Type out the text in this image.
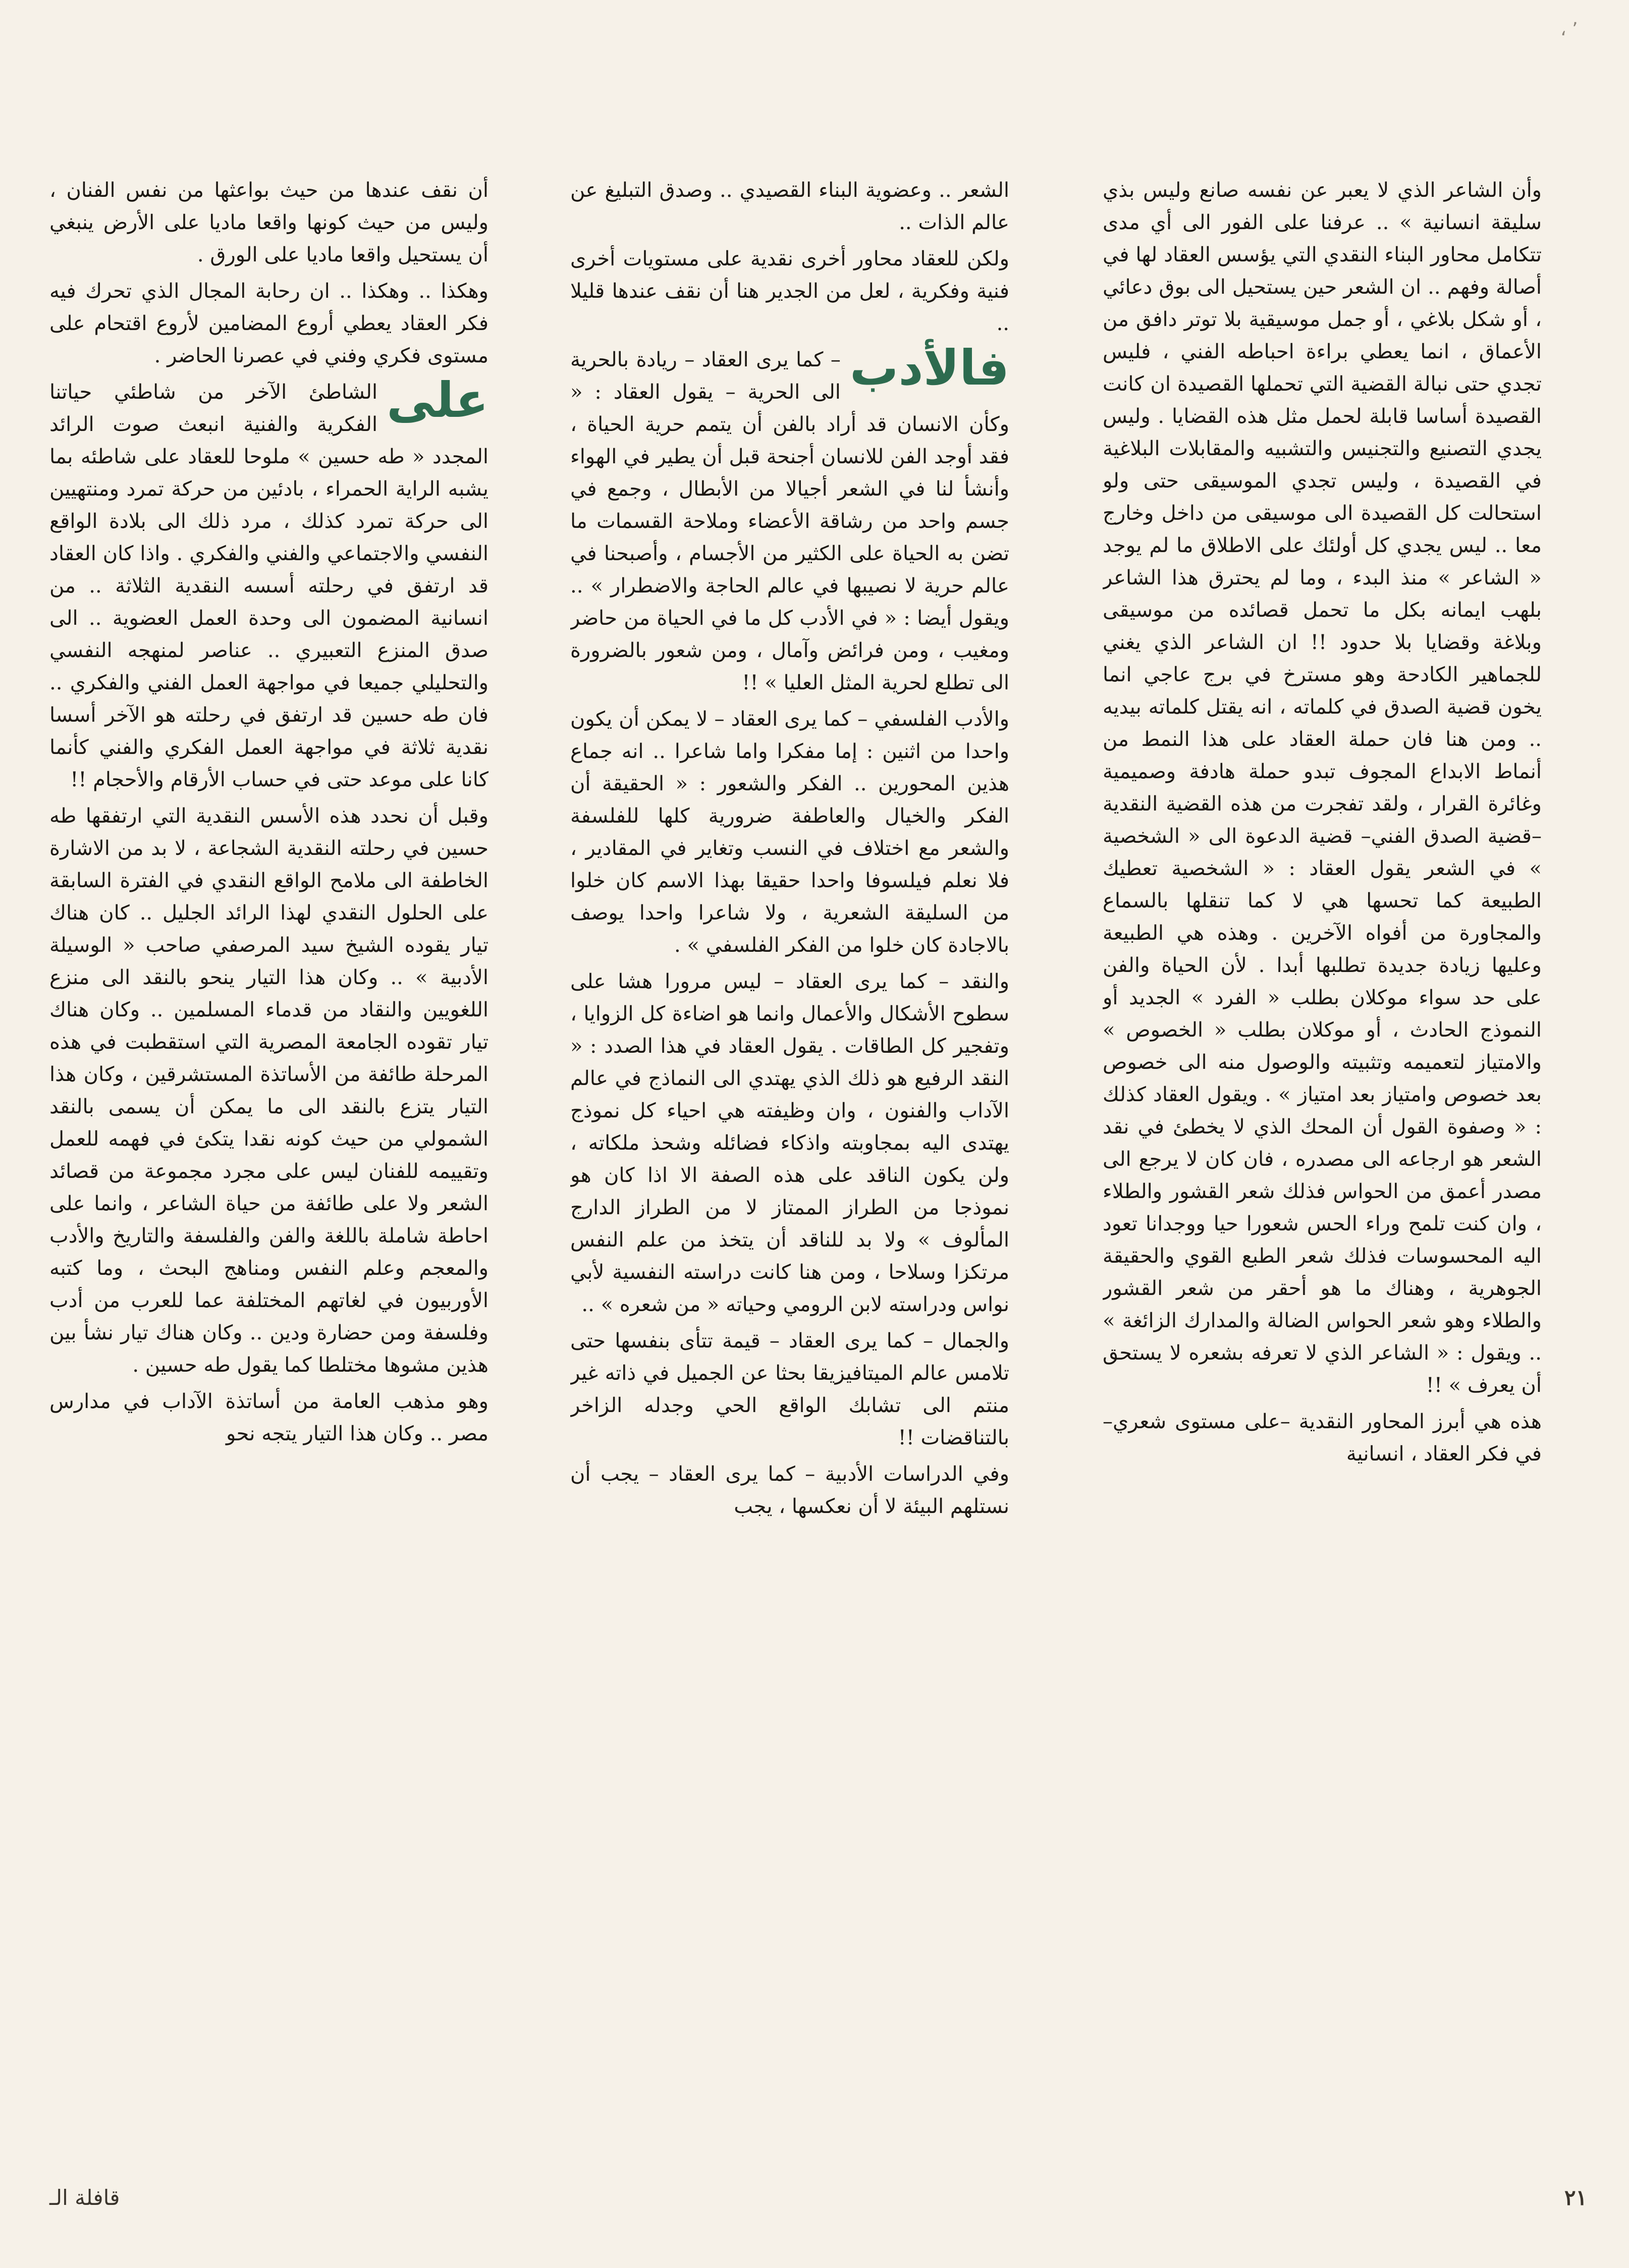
٬ ،

وأن الشاعر الذي لا يعبر عن نفسه صانع وليس بذي سليقة انسانية » .. عرفنا على الفور الى أي مدى تتكامل محاور البناء النقدي التي يؤسس العقاد لها في أصالة وفهم .. ان الشعر حين يستحيل الى بوق دعائي ، أو شكل بلاغي ، أو جمل موسيقية بلا توتر دافق من الأعماق ، انما يعطي براءة احباطه الفني ، فليس تجدي حتى نبالة القضية التي تحملها القصيدة ان كانت القصيدة أساسا قابلة لحمل مثل هذه القضايا . وليس يجدي التصنيع والتجنيس والتشبيه والمقابلات البلاغية في القصيدة ، وليس تجدي الموسيقى حتى ولو استحالت كل القصيدة الى موسيقى من داخل وخارج معا .. ليس يجدي كل أولئك على الاطلاق ما لم يوجد « الشاعر » منذ البدء ، وما لم يحترق هذا الشاعر بلهب ايمانه بكل ما تحمل قصائده من موسيقى وبلاغة وقضايا بلا حدود !! ان الشاعر الذي يغني للجماهير الكادحة وهو مسترخ في برج عاجي انما يخون قضية الصدق في كلماته ، انه يقتل كلماته بيديه .. ومن هنا فان حملة العقاد على هذا النمط من أنماط الابداع المجوف تبدو حملة هادفة وصميمية وغائرة القرار ، ولقد تفجرت من هذه القضية النقدية –قضية الصدق الفني– قضية الدعوة الى « الشخصية » في الشعر يقول العقاد : « الشخصية تعطيك الطبيعة كما تحسها هي لا كما تنقلها بالسماع والمجاورة من أفواه الآخرين . وهذه هي الطبيعة وعليها زيادة جديدة تطلبها أبدا . لأن الحياة والفن على حد سواء موكلان بطلب « الفرد » الجديد أو النموذج الحادث ، أو موكلان بطلب « الخصوص » والامتياز لتعميمه وتثبيته والوصول منه الى خصوص بعد خصوص وامتياز بعد امتياز » . ويقول العقاد كذلك : « وصفوة القول أن المحك الذي لا يخطئ في نقد الشعر هو ارجاعه الى مصدره ، فان كان لا يرجع الى مصدر أعمق من الحواس فذلك شعر القشور والطلاء ، وان كنت تلمح وراء الحس شعورا حيا ووجدانا تعود اليه المحسوسات فذلك شعر الطبع القوي والحقيقة الجوهرية ، وهناك ما هو أحقر من شعر القشور والطلاء وهو شعر الحواس الضالة والمدارك الزائغة » .. ويقول : « الشاعر الذي لا تعرفه بشعره لا يستحق أن يعرف » !!

هذه هي أبرز المحاور النقدية –على مستوى شعري– في فكر العقاد ، انسانية

الشعر .. وعضوية البناء القصيدي .. وصدق التبليغ عن عالم الذات ..

ولكن للعقاد محاور أخرى نقدية على مستويات أخرى فنية وفكرية ، لعل من الجدير هنا أن نقف عندها قليلا ..

فالأدب
– كما يرى العقاد – ريادة بالحرية الى الحرية – يقول العقاد : « وكأن الانسان قد أراد بالفن أن يتمم حرية الحياة ، فقد أوجد الفن للانسان أجنحة قبل أن يطير في الهواء وأنشأ لنا في الشعر أجيالا من الأبطال ، وجمع في جسم واحد من رشاقة الأعضاء وملاحة القسمات ما تضن به الحياة على الكثير من الأجسام ، وأصبحنا في عالم حرية لا نصيبها في عالم الحاجة والاضطرار » .. ويقول أيضا : « في الأدب كل ما في الحياة من حاضر ومغيب ، ومن فرائض وآمال ، ومن شعور بالضرورة الى تطلع لحرية المثل العليا » !!

والأدب الفلسفي – كما يرى العقاد – لا يمكن أن يكون واحدا من اثنين : إما مفكرا واما شاعرا .. انه جماع هذين المحورين .. الفكر والشعور : « الحقيقة أن الفكر والخيال والعاطفة ضرورية كلها للفلسفة والشعر مع اختلاف في النسب وتغاير في المقادير ، فلا نعلم فيلسوفا واحدا حقيقا بهذا الاسم كان خلوا من السليقة الشعرية ، ولا شاعرا واحدا يوصف بالاجادة كان خلوا من الفكر الفلسفي » .

والنقد – كما يرى العقاد – ليس مرورا هشا على سطوح الأشكال والأعمال وانما هو اضاءة كل الزوايا ، وتفجير كل الطاقات . يقول العقاد في هذا الصدد : « النقد الرفيع هو ذلك الذي يهتدي الى النماذج في عالم الآداب والفنون ، وان وظيفته هي احياء كل نموذج يهتدى اليه بمجاوبته واذكاء فضائله وشحذ ملكاته ، ولن يكون الناقد على هذه الصفة الا اذا كان هو نموذجا من الطراز الممتاز لا من الطراز الدارج المألوف » ولا بد للناقد أن يتخذ من علم النفس مرتكزا وسلاحا ، ومن هنا كانت دراسته النفسية لأبي نواس ودراسته لابن الرومي وحياته « من شعره » ..

والجمال – كما يرى العقاد – قيمة تتأى بنفسها حتى تلامس عالم الميتافيزيقا بحثا عن الجميل في ذاته غير منتم الى تشابك الواقع الحي وجدله الزاخر بالتناقضات !!

وفي الدراسات الأدبية – كما يرى العقاد – يجب أن نستلهم البيئة لا أن نعكسها ، يجب

أن نقف عندها من حيث بواعثها من نفس الفنان ، وليس من حيث كونها واقعا ماديا على الأرض ينبغي أن يستحيل واقعا ماديا على الورق .

وهكذا .. وهكذا .. ان رحابة المجال الذي تحرك فيه فكر العقاد يعطي أروع المضامين لأروع اقتحام على مستوى فكري وفني في عصرنا الحاضر .

على
الشاطئ الآخر من شاطئي حياتنا الفكرية والفنية انبعث صوت الرائد المجدد « طه حسين » ملوحا للعقاد على شاطئه بما يشبه الراية الحمراء ، بادئين من حركة تمرد ومنتهيين الى حركة تمرد كذلك ، مرد ذلك الى بلادة الواقع النفسي والاجتماعي والفني والفكري . واذا كان العقاد قد ارتفق في رحلته أسسه النقدية الثلاثة .. من انسانية المضمون الى وحدة العمل العضوية .. الى صدق المنزع التعبيري .. عناصر لمنهجه النفسي والتحليلي جميعا في مواجهة العمل الفني والفكري .. فان طه حسين قد ارتفق في رحلته هو الآخر أسسا نقدية ثلاثة في مواجهة العمل الفكري والفني كأنما كانا على موعد حتى في حساب الأرقام والأحجام !!

وقبل أن نحدد هذه الأسس النقدية التي ارتفقها طه حسين في رحلته النقدية الشجاعة ، لا بد من الاشارة الخاطفة الى ملامح الواقع النقدي في الفترة السابقة على الحلول النقدي لهذا الرائد الجليل .. كان هناك تيار يقوده الشيخ سيد المرصفي صاحب « الوسيلة الأدبية » .. وكان هذا التيار ينحو بالنقد الى منزع اللغويين والنقاد من قدماء المسلمين .. وكان هناك تيار تقوده الجامعة المصرية التي استقطبت في هذه المرحلة طائفة من الأساتذة المستشرقين ، وكان هذا التيار يتزع بالنقد الى ما يمكن أن يسمى بالنقد الشمولي من حيث كونه نقدا يتكئ في فهمه للعمل وتقييمه للفنان ليس على مجرد مجموعة من قصائد الشعر ولا على طائفة من حياة الشاعر ، وانما على احاطة شاملة باللغة والفن والفلسفة والتاريخ والأدب والمعجم وعلم النفس ومناهج البحث ، وما كتبه الأوربيون في لغاتهم المختلفة عما للعرب من أدب وفلسفة ومن حضارة ودين .. وكان هناك تيار نشأ بين هذين مشوها مختلطا كما يقول طه حسين .

وهو مذهب العامة من أساتذة الآداب في مدارس مصر .. وكان هذا التيار يتجه نحو

٢١
قافلة الـ
